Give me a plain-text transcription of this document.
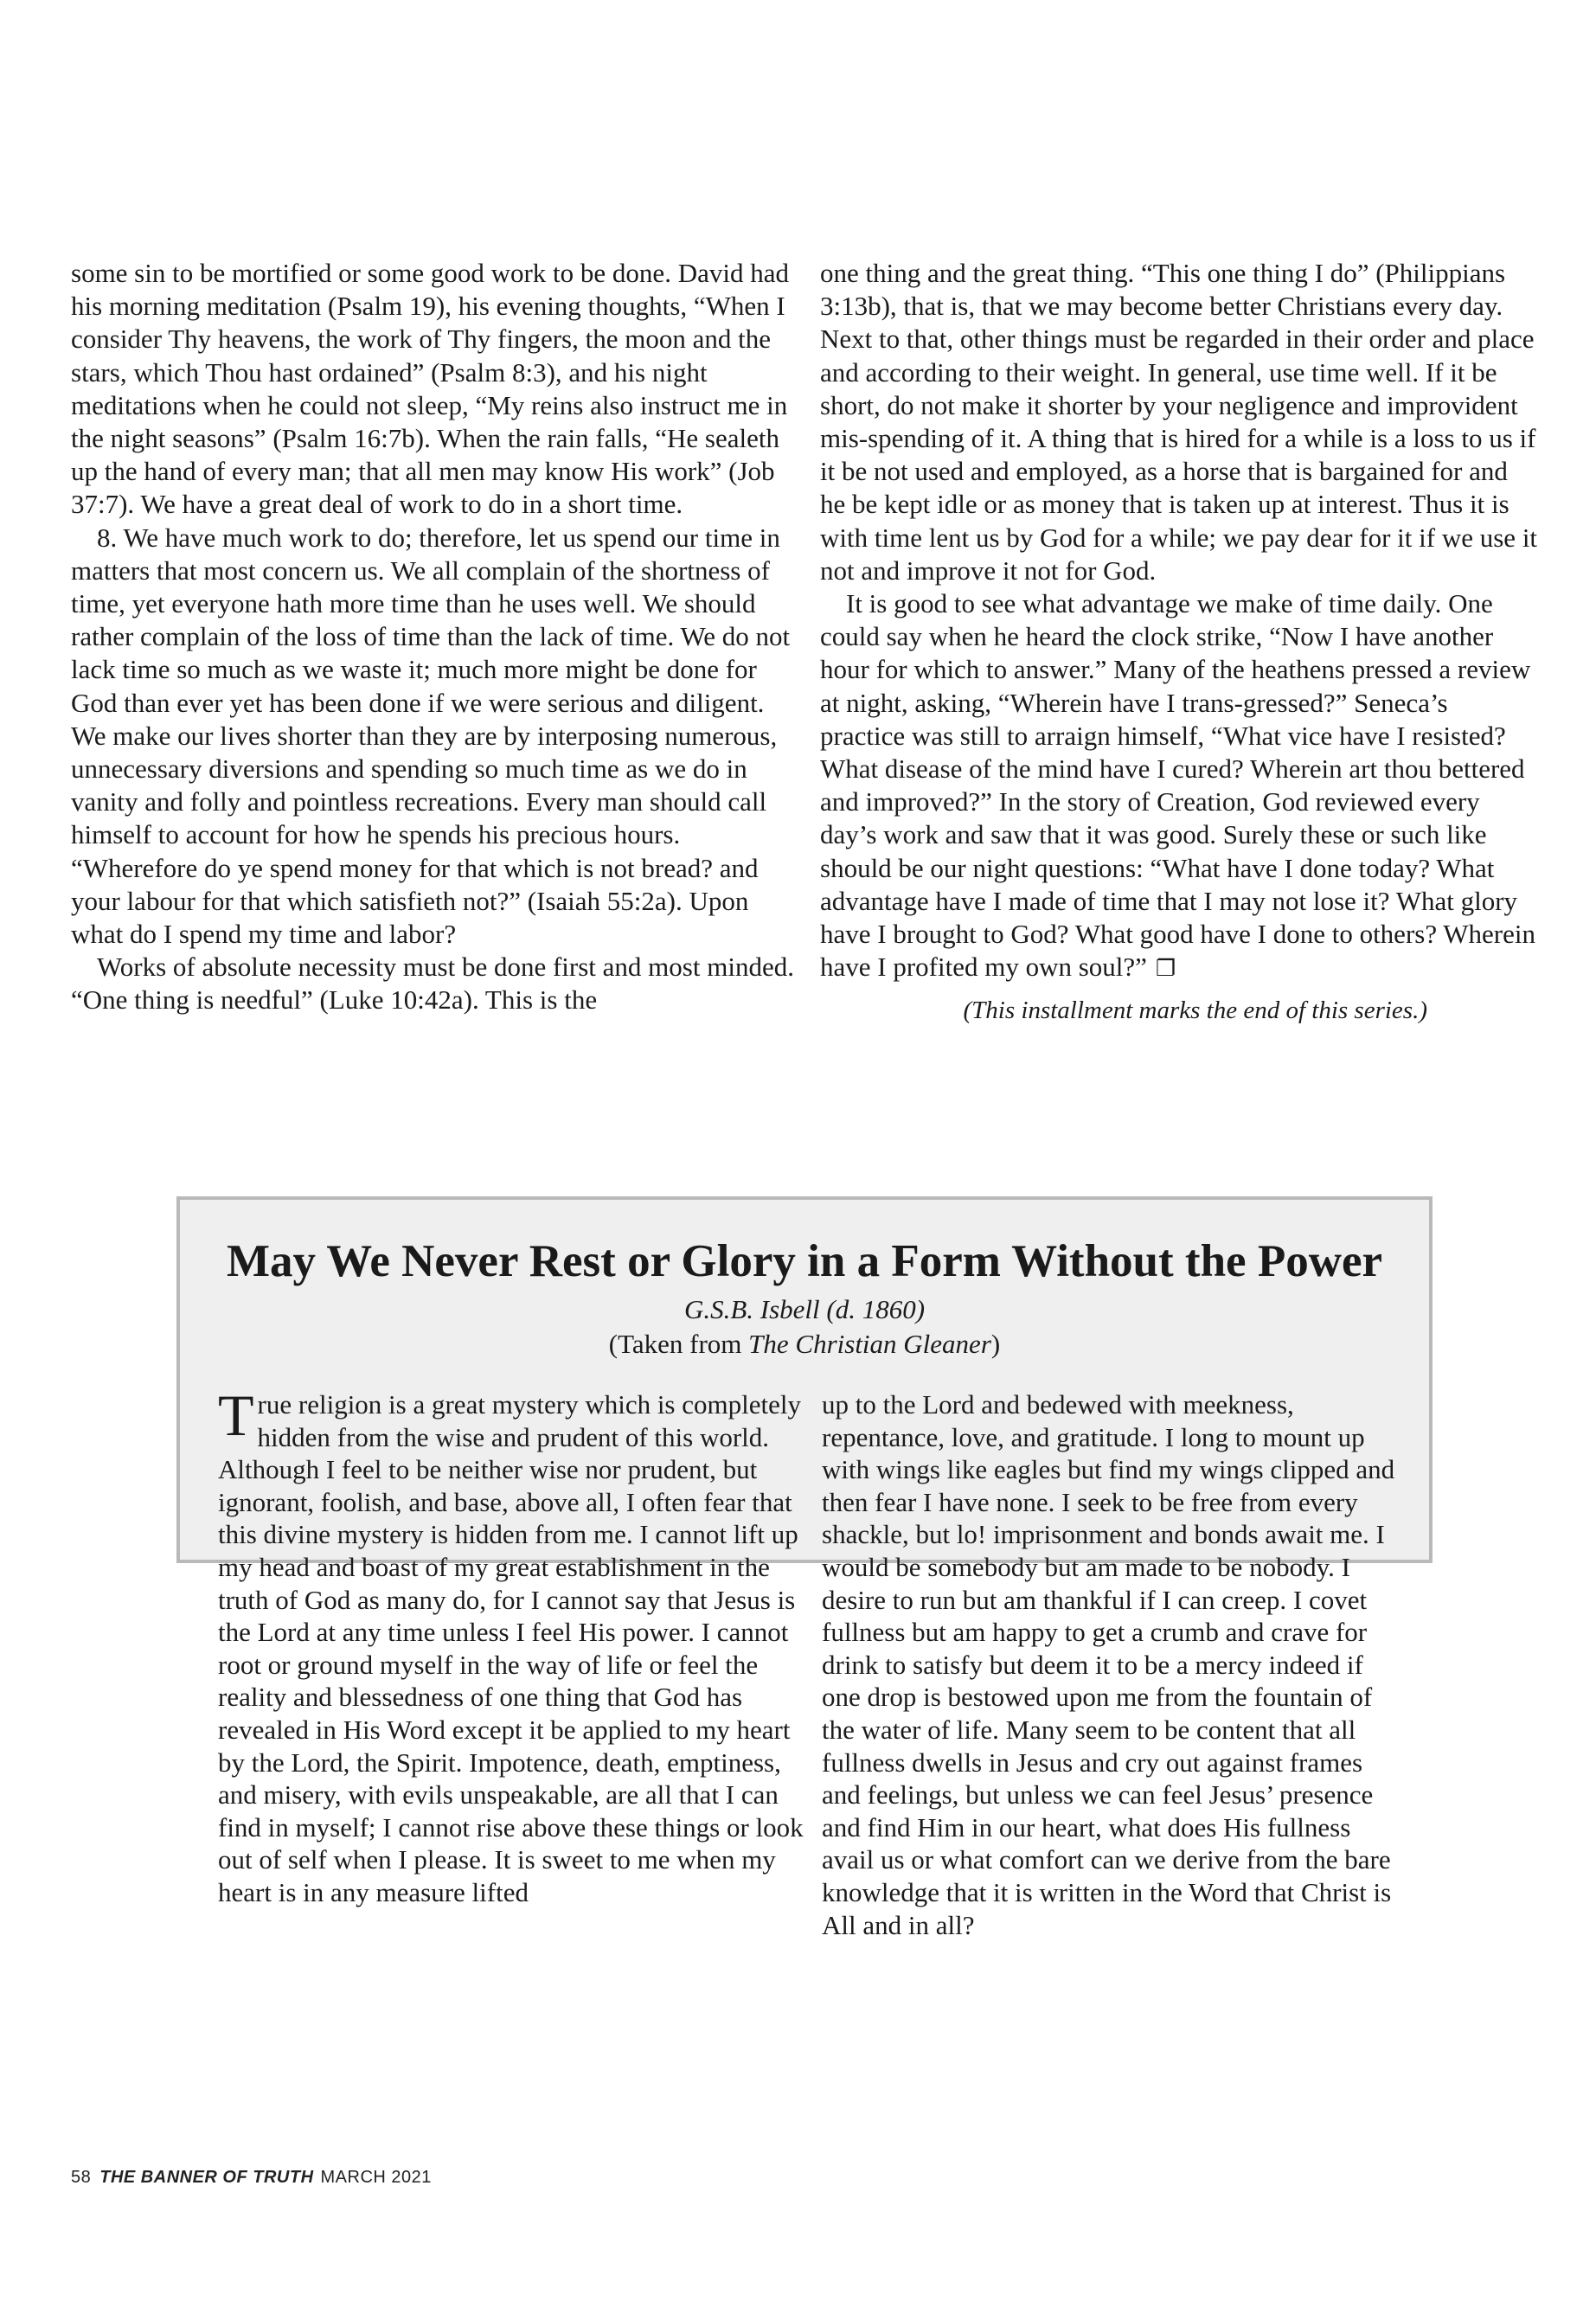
some sin to be mortified or some good work to be done. David had his morning meditation (Psalm 19), his evening thoughts, “When I consider Thy heavens, the work of Thy fingers, the moon and the stars, which Thou hast ordained” (Psalm 8:3), and his night meditations when he could not sleep, “My reins also instruct me in the night seasons” (Psalm 16:7b). When the rain falls, “He sealeth up the hand of every man; that all men may know His work” (Job 37:7). We have a great deal of work to do in a short time.

8. We have much work to do; therefore, let us spend our time in matters that most concern us. We all complain of the shortness of time, yet everyone hath more time than he uses well. We should rather complain of the loss of time than the lack of time. We do not lack time so much as we waste it; much more might be done for God than ever yet has been done if we were serious and diligent. We make our lives shorter than they are by interposing numerous, unnecessary diversions and spending so much time as we do in vanity and folly and pointless recreations. Every man should call himself to account for how he spends his precious hours. “Wherefore do ye spend money for that which is not bread? and your labour for that which satisfieth not?” (Isaiah 55:2a). Upon what do I spend my time and labor?

Works of absolute necessity must be done first and most minded. “One thing is needful” (Luke 10:42a). This is the

one thing and the great thing. “This one thing I do” (Philippians 3:13b), that is, that we may become better Christians every day. Next to that, other things must be regarded in their order and place and according to their weight. In general, use time well. If it be short, do not make it shorter by your negligence and improvident mis-spending of it. A thing that is hired for a while is a loss to us if it be not used and employed, as a horse that is bargained for and he be kept idle or as money that is taken up at interest. Thus it is with time lent us by God for a while; we pay dear for it if we use it not and improve it not for God.

It is good to see what advantage we make of time daily. One could say when he heard the clock strike, “Now I have another hour for which to answer.” Many of the heathens pressed a review at night, asking, “Wherein have I trans-gressed?” Seneca’s practice was still to arraign himself, “What vice have I resisted? What disease of the mind have I cured? Wherein art thou bettered and improved?” In the story of Creation, God reviewed every day’s work and saw that it was good. Surely these or such like should be our night questions: “What have I done today? What advantage have I made of time that I may not lose it? What glory have I brought to God? What good have I done to others? Wherein have I profited my own soul?” ❐

(This installment marks the end of this series.)

May We Never Rest or Glory in a Form Without the Power
G.S.B. Isbell (d. 1860)
(Taken from The Christian Gleaner)

True religion is a great mystery which is completely hidden from the wise and prudent of this world. Although I feel to be neither wise nor prudent, but ignorant, foolish, and base, above all, I often fear that this divine mystery is hidden from me. I cannot lift up my head and boast of my great establishment in the truth of God as many do, for I cannot say that Jesus is the Lord at any time unless I feel His power. I cannot root or ground myself in the way of life or feel the reality and blessedness of one thing that God has revealed in His Word except it be applied to my heart by the Lord, the Spirit. Impotence, death, emptiness, and misery, with evils unspeakable, are all that I can find in myself; I cannot rise above these things or look out of self when I please. It is sweet to me when my heart is in any measure lifted

up to the Lord and bedewed with meekness, repentance, love, and gratitude. I long to mount up with wings like eagles but find my wings clipped and then fear I have none. I seek to be free from every shackle, but lo! imprisonment and bonds await me. I would be somebody but am made to be nobody. I desire to run but am thankful if I can creep. I covet fullness but am happy to get a crumb and crave for drink to satisfy but deem it to be a mercy indeed if one drop is bestowed upon me from the fountain of the water of life. Many seem to be content that all fullness dwells in Jesus and cry out against frames and feelings, but unless we can feel Jesus’ presence and find Him in our heart, what does His fullness avail us or what comfort can we derive from the bare knowledge that it is written in the Word that Christ is All and in all?

58 THE BANNER OF TRUTH MARCH 2021
